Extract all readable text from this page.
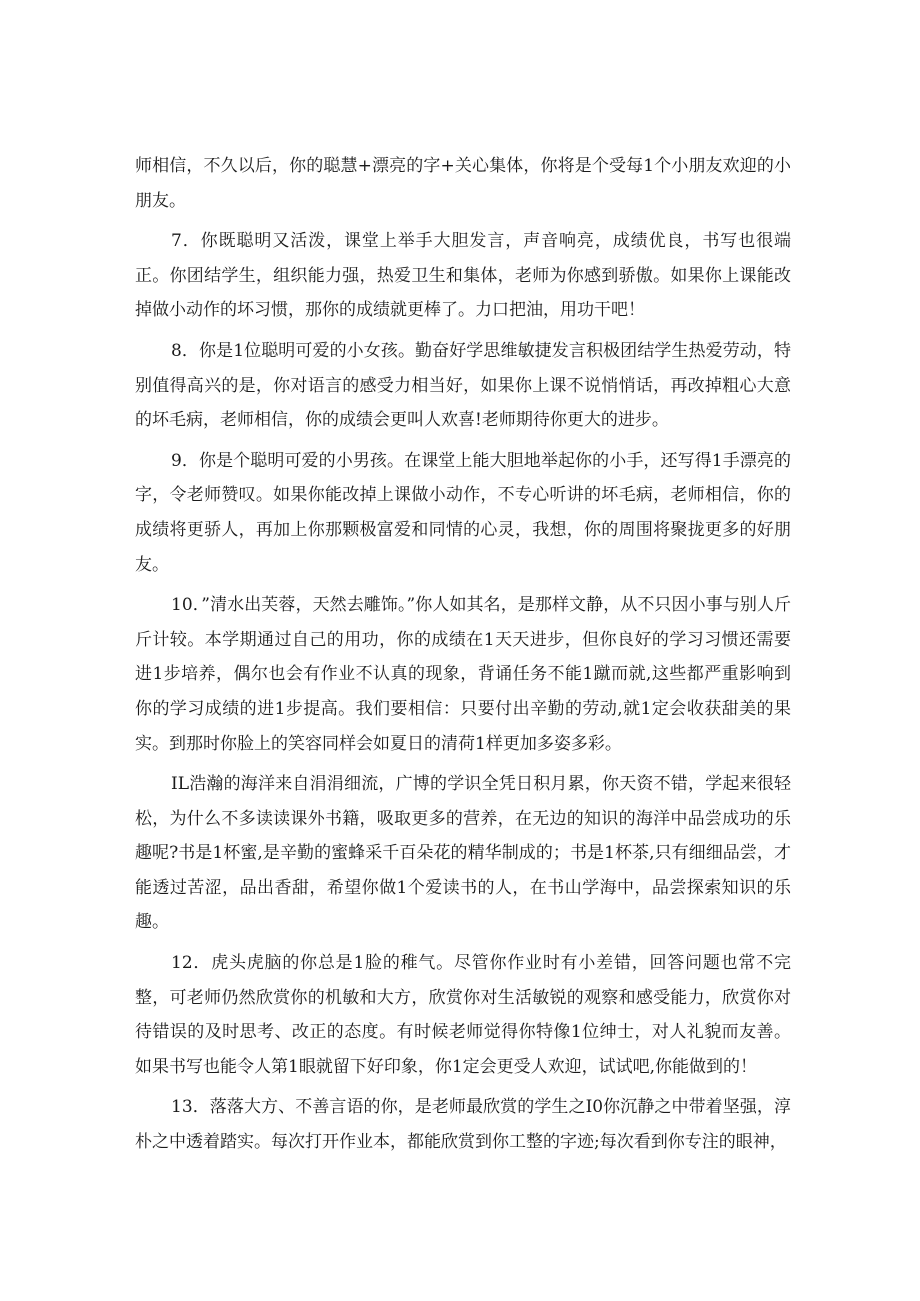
师相信，不久以后，你的聪慧+漂亮的字+关心集体，你将是个受每1个小朋友欢迎的小朋友。

7．你既聪明又活泼，课堂上举手大胆发言，声音响亮，成绩优良，书写也很端正。你团结学生，组织能力强，热爱卫生和集体，老师为你感到骄傲。如果你上课能改掉做小动作的坏习惯，那你的成绩就更棒了。力口把油，用功干吧！

8．你是1位聪明可爱的小女孩。勤奋好学思维敏捷发言积极团结学生热爱劳动，特别值得高兴的是，你对语言的感受力相当好，如果你上课不说悄悄话，再改掉粗心大意的坏毛病，老师相信，你的成绩会更叫人欢喜!老师期待你更大的进步。

9．你是个聪明可爱的小男孩。在课堂上能大胆地举起你的小手，还写得1手漂亮的字，令老师赞叹。如果你能改掉上课做小动作，不专心听讲的坏毛病，老师相信，你的成绩将更骄人，再加上你那颗极富爱和同情的心灵，我想，你的周围将聚拢更多的好朋友。

10．”清水出芙蓉，天然去雕饰。”你人如其名，是那样文静，从不只因小事与别人斤斤计较。本学期通过自己的用功，你的成绩在1天天进步，但你良好的学习习惯还需要进1步培养，偶尔也会有作业不认真的现象，背诵任务不能1蹴而就,这些都严重影响到你的学习成绩的进1步提高。我们要相信：只要付出辛勤的劳动,就1定会收获甜美的果实。到那时你脸上的笑容同样会如夏日的清荷1样更加多姿多彩。

IL浩瀚的海洋来自涓涓细流，广博的学识全凭日积月累，你天资不错，学起来很轻松，为什么不多读读课外书籍，吸取更多的营养，在无边的知识的海洋中品尝成功的乐趣呢?书是1杯蜜,是辛勤的蜜蜂采千百朵花的精华制成的；书是1杯茶,只有细细品尝，才能透过苦涩，品出香甜，希望你做1个爱读书的人，在书山学海中，品尝探索知识的乐趣。

12．虎头虎脑的你总是1脸的稚气。尽管你作业时有小差错，回答问题也常不完整，可老师仍然欣赏你的机敏和大方，欣赏你对生活敏锐的观察和感受能力，欣赏你对待错误的及时思考、改正的态度。有时候老师觉得你特像1位绅士，对人礼貌而友善。如果书写也能令人第1眼就留下好印象，你1定会更受人欢迎，试试吧,你能做到的！

13．落落大方、不善言语的你，是老师最欣赏的学生之I0你沉静之中带着坚强，淳朴之中透着踏实。每次打开作业本，都能欣赏到你工整的字迹;每次看到你专注的眼神，
